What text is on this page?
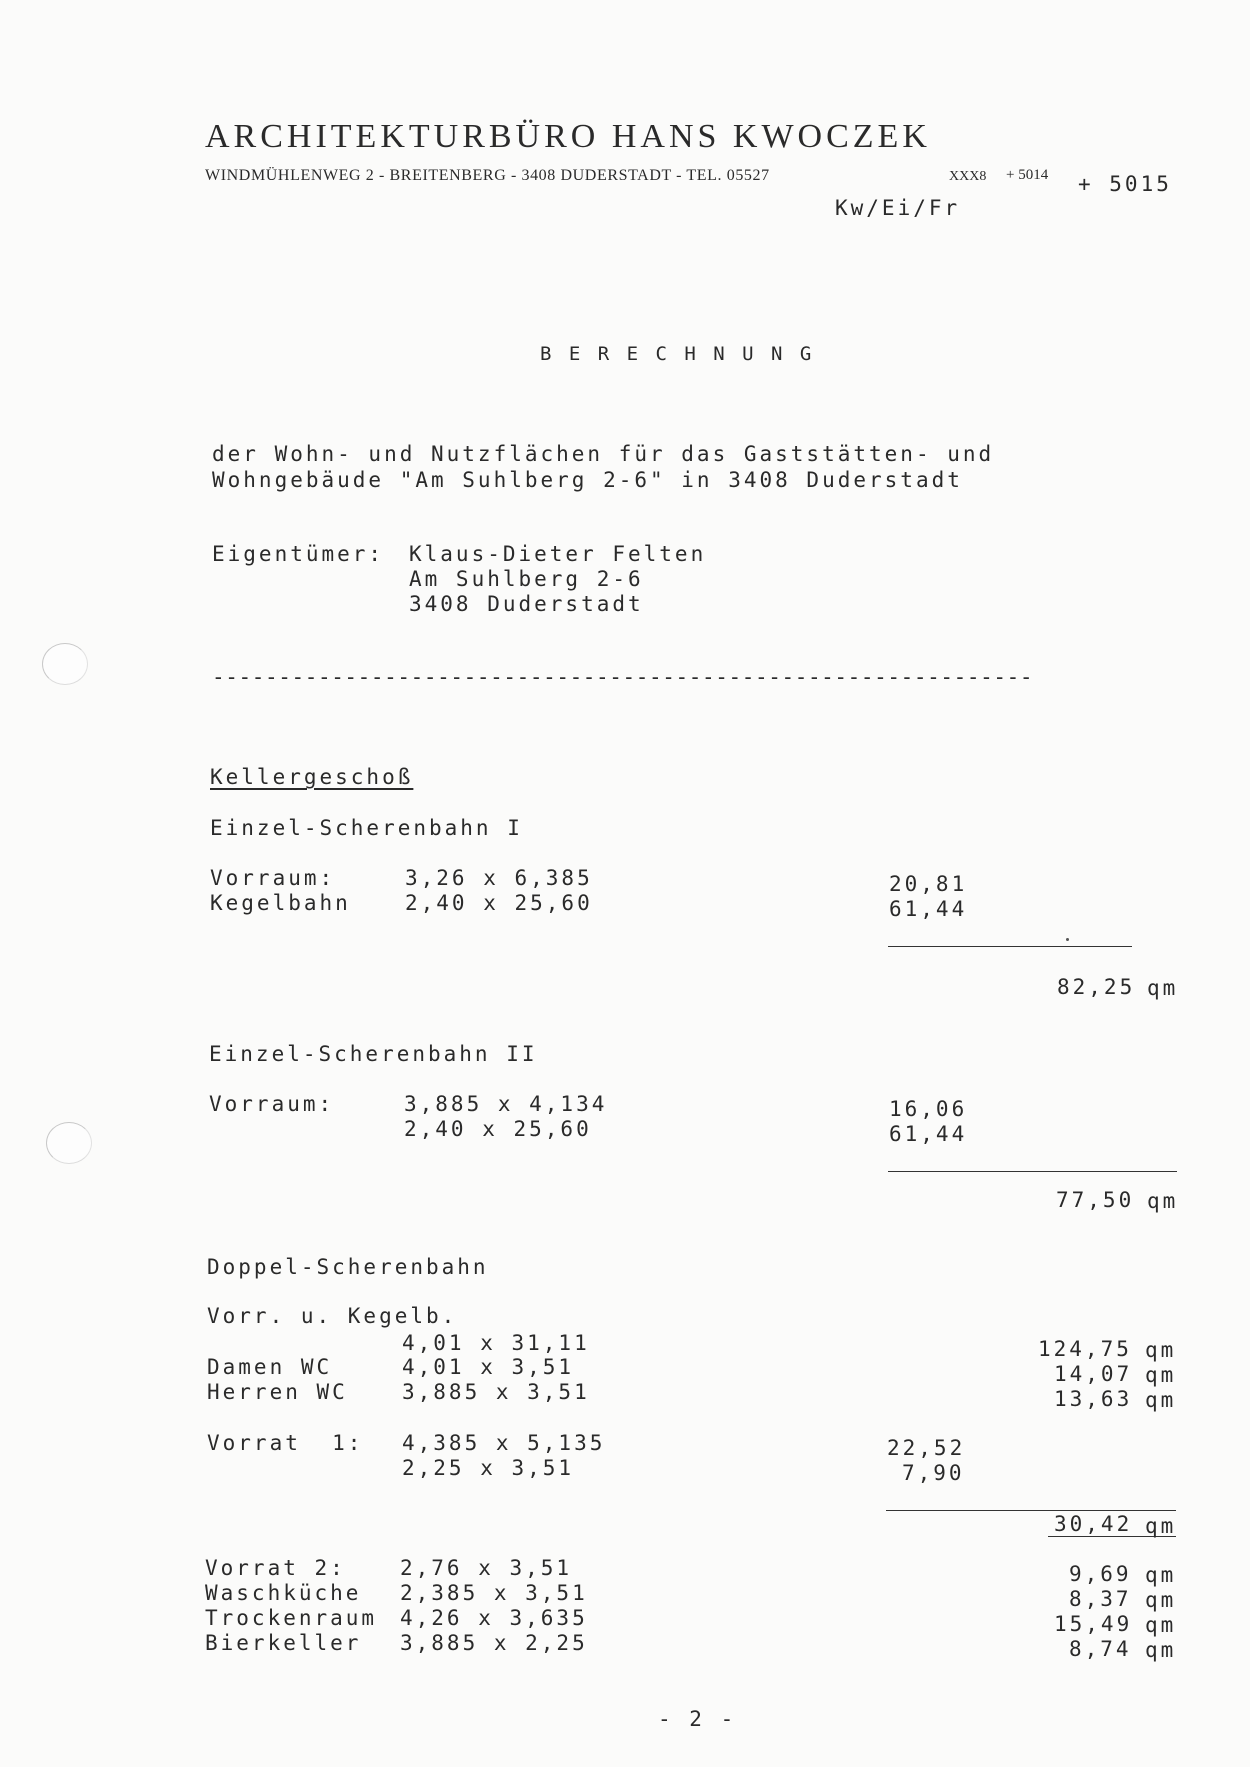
ARCHITEKTURBÜRO HANS KWOCZEK
WINDMÜHLENWEG 2 - BREITENBERG - 3408 DUDERSTADT - TEL. 05527	XXX8 + 5014 + 5015
Kw/Ei/Fr
B E R E C H N U N G
der Wohn- und Nutzflächen für das Gaststätten- und
Wohngebäude "Am Suhlberg 2-6" in 3408 Duderstadt
Eigentümer: Klaus-Dieter Felten
Am Suhlberg 2-6
3408 Duderstadt
--------------------------------------------------------------
Kellergeschoß
Einzel-Scherenbahn I
Vorraum:	3,26 x 6,385	20,81
Kegelbahn	2,40 x 25,60	61,44
82,25 qm
Einzel-Scherenbahn II
Vorraum:	3,885 x 4,134	16,06
2,40 x 25,60	61,44
77,50 qm
Doppel-Scherenbahn
Vorr. u. Kegelb.
4,01 x 31,11	124,75 qm
Damen WC	4,01 x 3,51	14,07 qm
Herren WC	3,885 x 3,51	13,63 qm
Vorrat  1: 4,385 x 5,135	22,52
2,25 x 3,51	7,90
30,42 qm
Vorrat 2:	2,76 x 3,51	9,69 qm
Waschküche 2,385 x 3,51	8,37 qm
Trockenraum 4,26 x 3,635	15,49 qm
Bierkeller 3,885 x 2,25	8,74 qm
- 2 -
